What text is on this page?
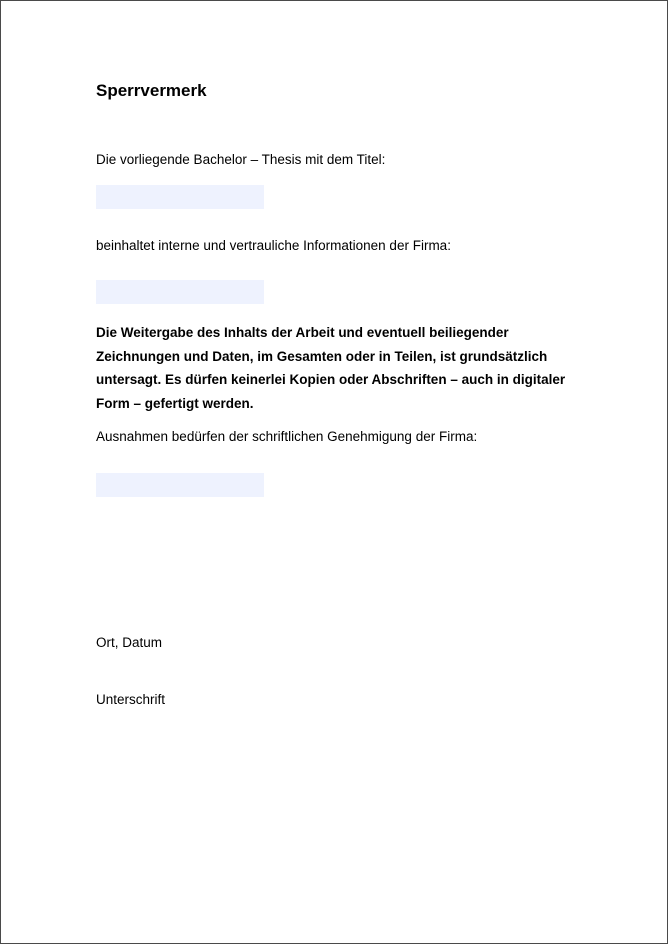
Sperrvermerk

Die vorliegende Bachelor – Thesis mit dem Titel:

beinhaltet interne und vertrauliche Informationen der Firma:

Die Weitergabe des Inhalts der Arbeit und eventuell beiliegender Zeichnungen und Daten, im Gesamten oder in Teilen, ist grundsätzlich untersagt. Es dürfen keinerlei Kopien oder Abschriften – auch in digitaler Form – gefertigt werden.

Ausnahmen bedürfen der schriftlichen Genehmigung der Firma:

Ort, Datum

Unterschrift
